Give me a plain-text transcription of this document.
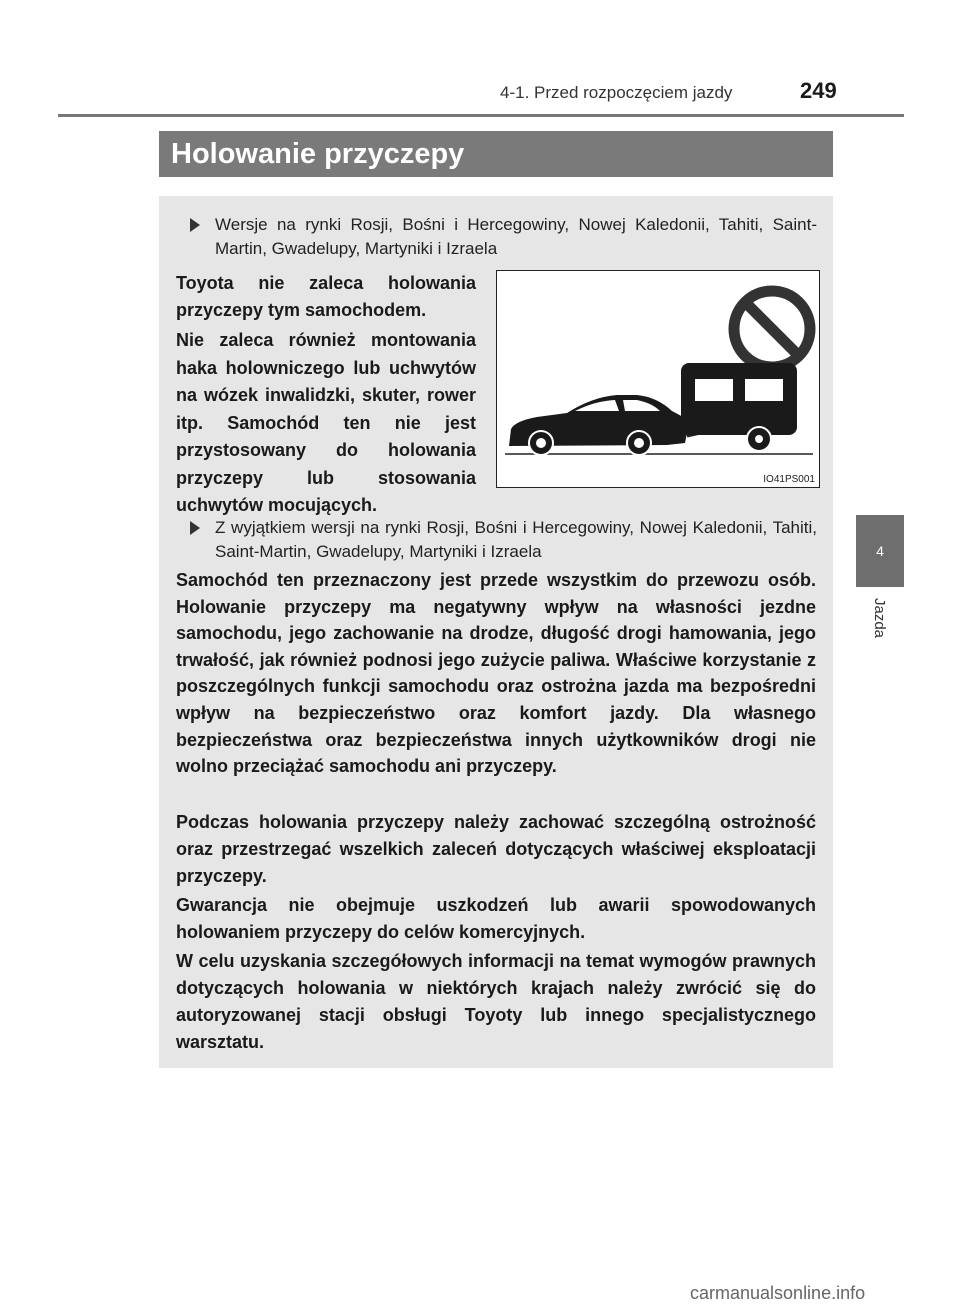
4-1. Przed rozpoczęciem jazdy	249
4
Jazda
Holowanie przyczepy
Wersje na rynki Rosji, Bośni i Hercegowiny, Nowej Kaledonii, Tahiti, Saint-Martin, Gwadelupy, Martyniki i Izraela
Toyota nie zaleca holowania przyczepy tym samochodem.
Nie zaleca również montowania haka holowniczego lub uchwytów na wózek inwalidzki, skuter, rower itp. Samochód ten nie jest przystosowany do holowania przyczepy lub stosowania uchwytów mocujących.
IO41PS001
Z wyjątkiem wersji na rynki Rosji, Bośni i Hercegowiny, Nowej Kaledonii, Tahiti, Saint-Martin, Gwadelupy, Martyniki i Izraela
Samochód ten przeznaczony jest przede wszystkim do przewozu osób. Holowanie przyczepy ma negatywny wpływ na własności jezdne samochodu, jego zachowanie na drodze, długość drogi hamowania, jego trwałość, jak również podnosi jego zużycie paliwa. Właściwe korzystanie z poszczególnych funkcji samochodu oraz ostrożna jazda ma bezpośredni wpływ na bezpieczeństwo oraz komfort jazdy. Dla własnego bezpieczeństwa oraz bezpieczeństwa innych użytkowników drogi nie wolno przeciążać samochodu ani przyczepy.
Podczas holowania przyczepy należy zachować szczególną ostrożność oraz przestrzegać wszelkich zaleceń dotyczących właściwej eksploatacji przyczepy.
Gwarancja nie obejmuje uszkodzeń lub awarii spowodowanych holowaniem przyczepy do celów komercyjnych.
W celu uzyskania szczegółowych informacji na temat wymogów prawnych dotyczących holowania w niektórych krajach należy zwrócić się do autoryzowanej stacji obsługi Toyoty lub innego specjalistycznego warsztatu.
carmanualsonline.info
